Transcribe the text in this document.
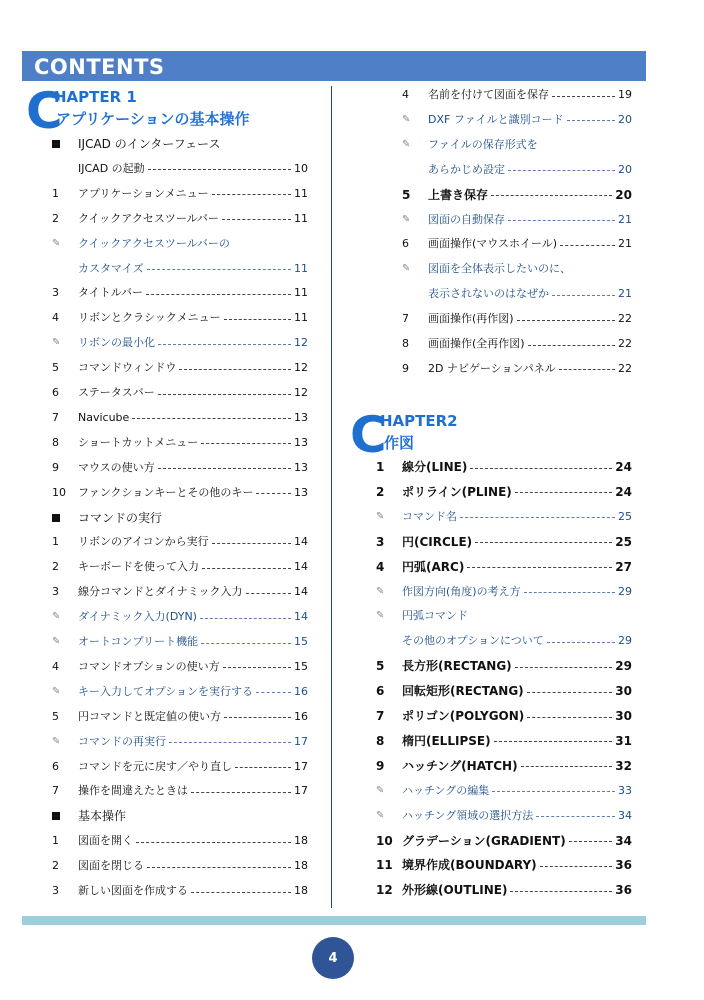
CONTENTS
C
HAPTER 1
アプリケーションの基本操作
IJCAD のインターフェース
IJCAD の起動	10
1	アプリケーションメニュー	11
2	クイックアクセスツールバー	11
✎	クイックアクセスツールバーの
カスタマイズ	11
3	タイトルバー	11
4	リボンとクラシックメニュー	11
✎	リボンの最小化	12
5	コマンドウィンドウ	12
6	ステータスバー	12
7	Navicube	13
8	ショートカットメニュー	13
9	マウスの使い方	13
10	ファンクションキーとその他のキー	13
コマンドの実行
1	リボンのアイコンから実行	14
2	キーボードを使って入力	14
3	線分コマンドとダイナミック入力	14
✎	ダイナミック入力(DYN)	14
✎	オートコンプリート機能	15
4	コマンドオプションの使い方	15
✎	キー入力してオプションを実行する	16
5	円コマンドと既定値の使い方	16
✎	コマンドの再実行	17
6	コマンドを元に戻す／やり直し	17
7	操作を間違えたときは	17
基本操作
1	図面を開く	18
2	図面を閉じる	18
3	新しい図面を作成する	18
4	名前を付けて図面を保存	19
✎	DXF ファイルと識別コード	20
✎	ファイルの保存形式を
あらかじめ設定	20
5	上書き保存	20
✎	図面の自動保存	21
6	画面操作(マウスホイール)	21
✎	図面を全体表示したいのに、
表示されないのはなぜか	21
7	画面操作(再作図)	22
8	画面操作(全再作図)	22
9	2D ナビゲーションパネル	22
C
HAPTER2
作図
1	線分(LINE)	24
2	ポリライン(PLINE)	24
✎	コマンド名	25
3	円(CIRCLE)	25
4	円弧(ARC)	27
✎	作図方向(角度)の考え方	29
✎	円弧コマンド
その他のオプションについて	29
5	長方形(RECTANG)	29
6	回転矩形(RECTANG)	30
7	ポリゴン(POLYGON)	30
8	楕円(ELLIPSE)	31
9	ハッチング(HATCH)	32
✎	ハッチングの編集	33
✎	ハッチング領域の選択方法	34
10 グラデーション(GRADIENT)	34
11 境界作成(BOUNDARY)	36
12 外形線(OUTLINE)	36
4
